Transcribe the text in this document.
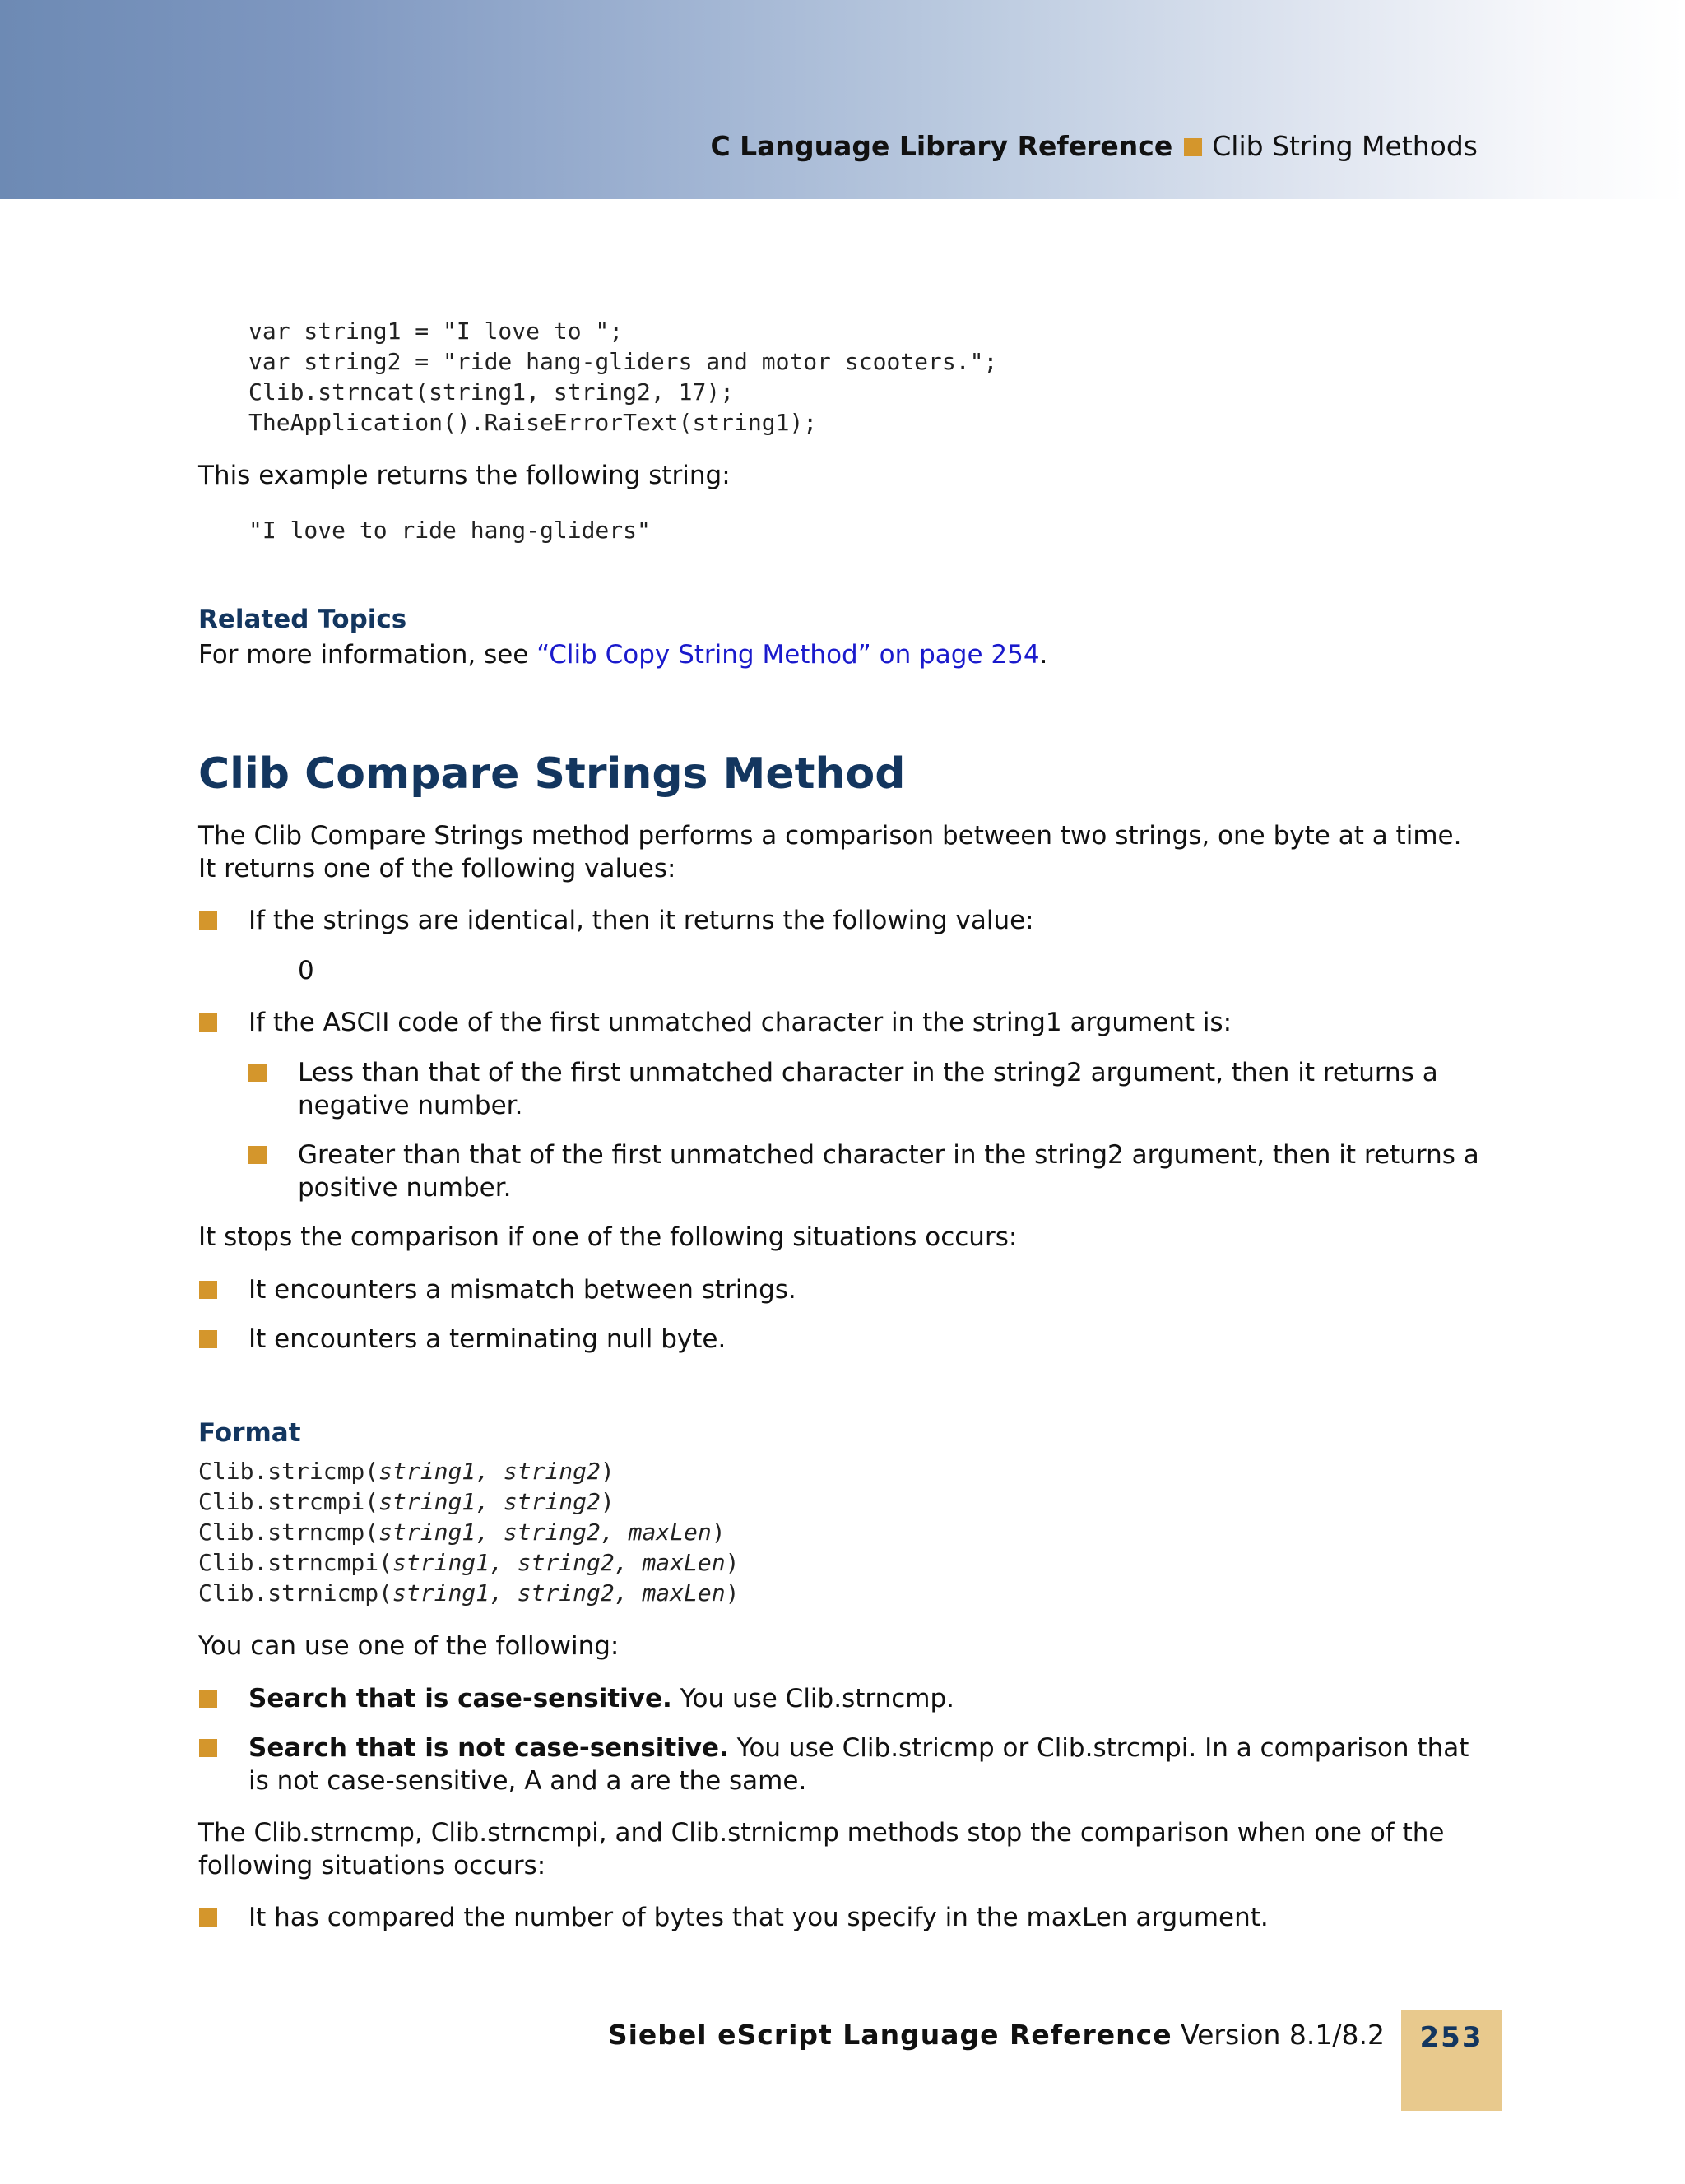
C Language Library Reference Clib String Methods
var string1 = "I love to ";
var string2 = "ride hang-gliders and motor scooters.";
Clib.strncat(string1, string2, 17);
TheApplication().RaiseErrorText(string1);
This example returns the following string:
"I love to ride hang-gliders"
Related Topics
For more information, see “Clib Copy String Method” on page 254.
Clib Compare Strings Method
The Clib Compare Strings method performs a comparison between two strings, one byte at a time.
It returns one of the following values:
If the strings are identical, then it returns the following value:
0
If the ASCII code of the first unmatched character in the string1 argument is:
Less than that of the first unmatched character in the string2 argument, then it returns a
negative number.
Greater than that of the first unmatched character in the string2 argument, then it returns a
positive number.
It stops the comparison if one of the following situations occurs:
It encounters a mismatch between strings.
It encounters a terminating null byte.
Format
Clib.stricmp(string1, string2)
Clib.strcmpi(string1, string2)
Clib.strncmp(string1, string2, maxLen)
Clib.strncmpi(string1, string2, maxLen)
Clib.strnicmp(string1, string2, maxLen)
You can use one of the following:
Search that is case-sensitive. You use Clib.strncmp.
Search that is not case-sensitive. You use Clib.stricmp or Clib.strcmpi. In a comparison that
is not case-sensitive, A and a are the same.
The Clib.strncmp, Clib.strncmpi, and Clib.strnicmp methods stop the comparison when one of the
following situations occurs:
It has compared the number of bytes that you specify in the maxLen argument.
Siebel eScript Language Reference Version 8.1/8.2	253
